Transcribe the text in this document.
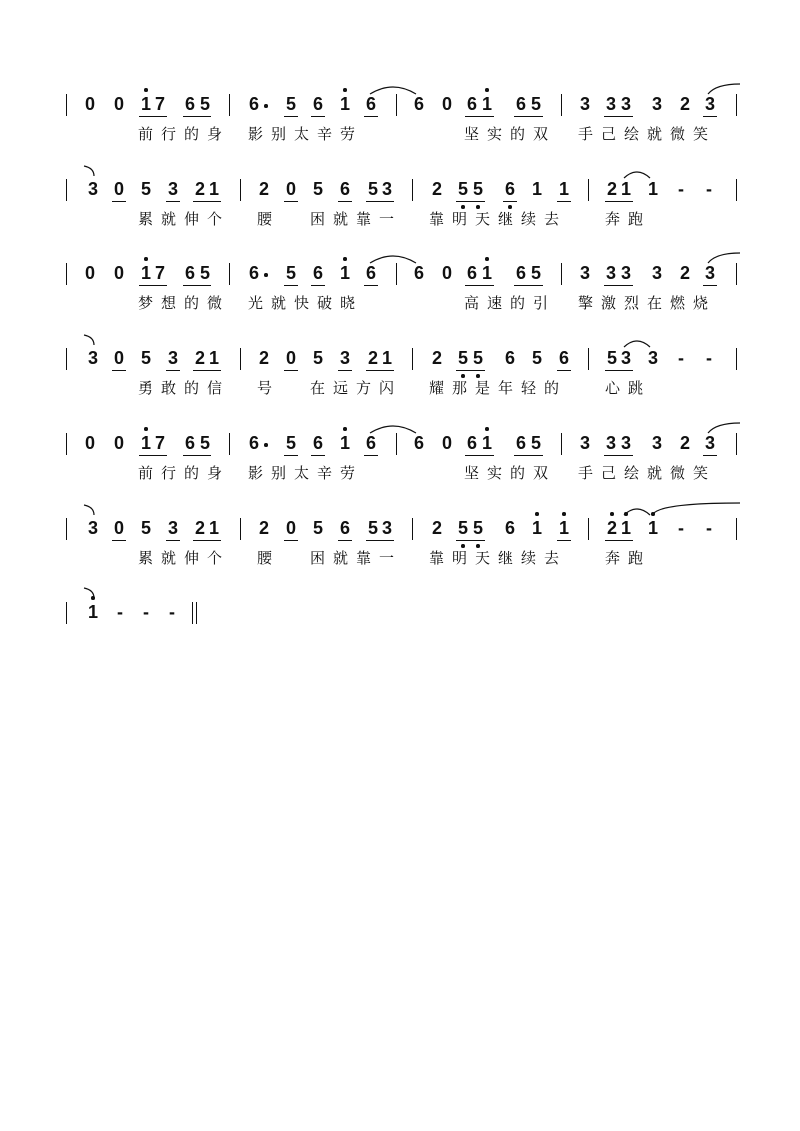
0 0 1 7 6 5 6 5 6 1 6 6 0 6 1 6 5 3 3 3 3 2 3
前行的身 影别太辛劳	坚实的双 手己绘就微笑
3 0 5 3 2 1 2 0 5 6 5 3 2 5 5 6 1 1 2 1 1 - -
累就伸个 腰 困就靠一 靠明天继续去	奔跑
0 0 1 7 6 5 6 5 6 1 6 6 0 6 1 6 5 3 3 3 3 2 3
梦想的微 光就快破晓	高速的引 擎激烈在燃烧
3 0 5 3 2 1 2 0 5 3 2 1 2 5 5 6 5 6 5 3 3 - -
勇敢的信 号 在远方闪 耀那是年轻的	心跳
0 0 1 7 6 5 6 5 6 1 6 6 0 6 1 6 5 3 3 3 3 2 3
前行的身 影别太辛劳	坚实的双 手己绘就微笑
3 0 5 3 2 1 2 0 5 6 5 3 2 5 5 6 1 1 2 1 1 - -
累就伸个 腰 困就靠一 靠明天继续去	奔跑
1 - - -
